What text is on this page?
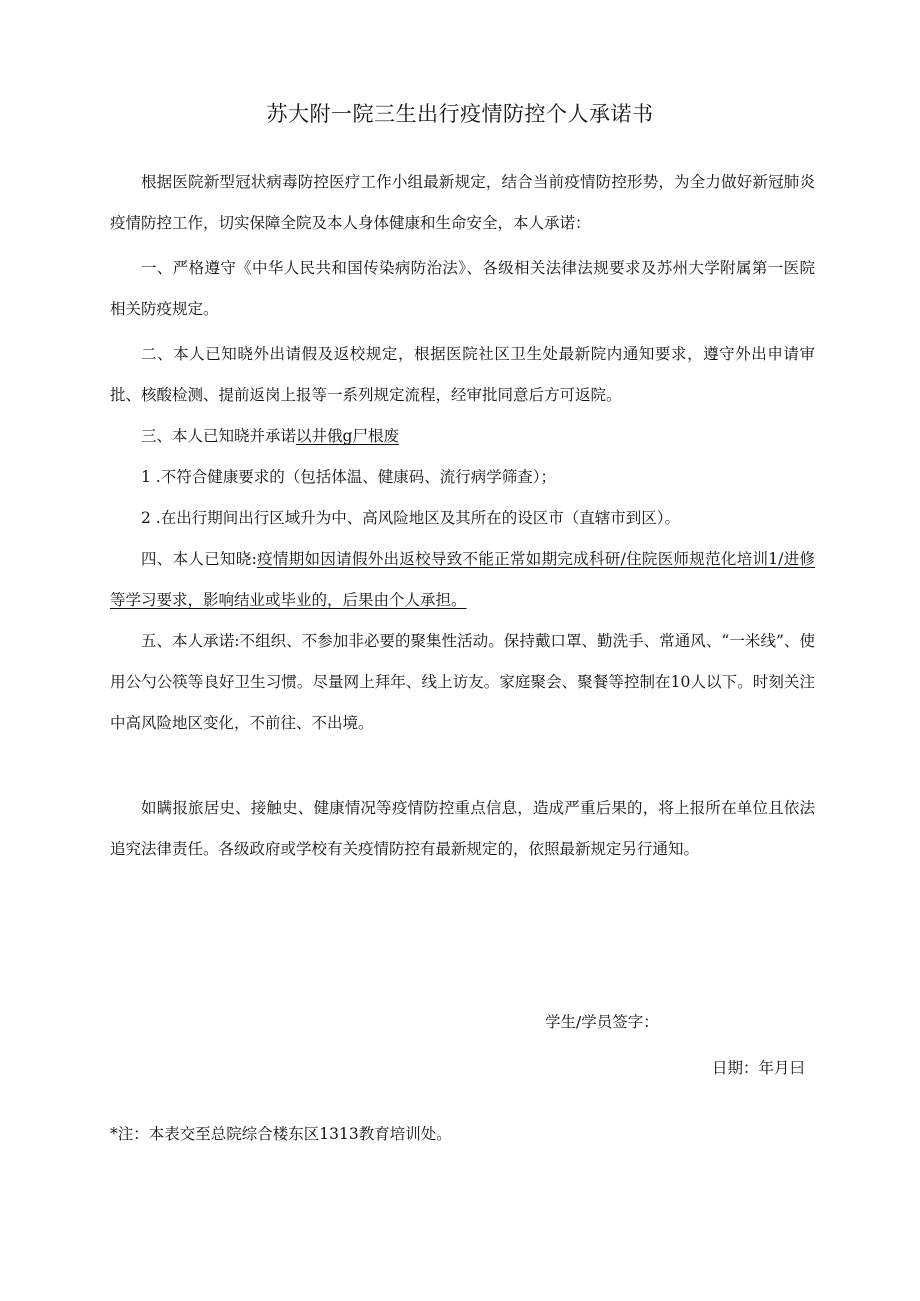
苏大附一院三生出行疫情防控个人承诺书

根据医院新型冠状病毒防控医疗工作小组最新规定，结合当前疫情防控形势，为全力做好新冠肺炎疫情防控工作，切实保障全院及本人身体健康和生命安全，本人承诺：

一、严格遵守《中华人民共和国传染病防治法》、各级相关法律法规要求及苏州大学附属第一医院相关防疫规定。

二、本人已知晓外出请假及返校规定，根据医院社区卫生处最新院内通知要求，遵守外出申请审批、核酸检测、提前返岗上报等一系列规定流程，经审批同意后方可返院。

三、本人已知晓并承诺以井俄g尸根废

1 .不符合健康要求的（包括体温、健康码、流行病学筛查）；

2 .在出行期间出行区域升为中、高风险地区及其所在的设区市（直辖市到区）。

四、本人已知晓:疫情期如因请假外出返校导致不能正常如期完成科研/住院医师规范化培训1/进修等学习要求，影响结业或毕业的，后果由个人承担。

五、本人承诺:不组织、不参加非必要的聚集性活动。保持戴口罩、勤洗手、常通风、“一米线”、使用公勺公筷等良好卫生习惯。尽量网上拜年、线上访友。家庭聚会、聚餐等控制在10人以下。时刻关注中高风险地区变化，不前往、不出境。

如瞒报旅居史、接触史、健康情况等疫情防控重点信息，造成严重后果的，将上报所在单位且依法追究法律责任。各级政府或学校有关疫情防控有最新规定的，依照最新规定另行通知。

学生/学员签字：
日期：年月曰
*注：本表交至总院综合楼东区1313教育培训处。
